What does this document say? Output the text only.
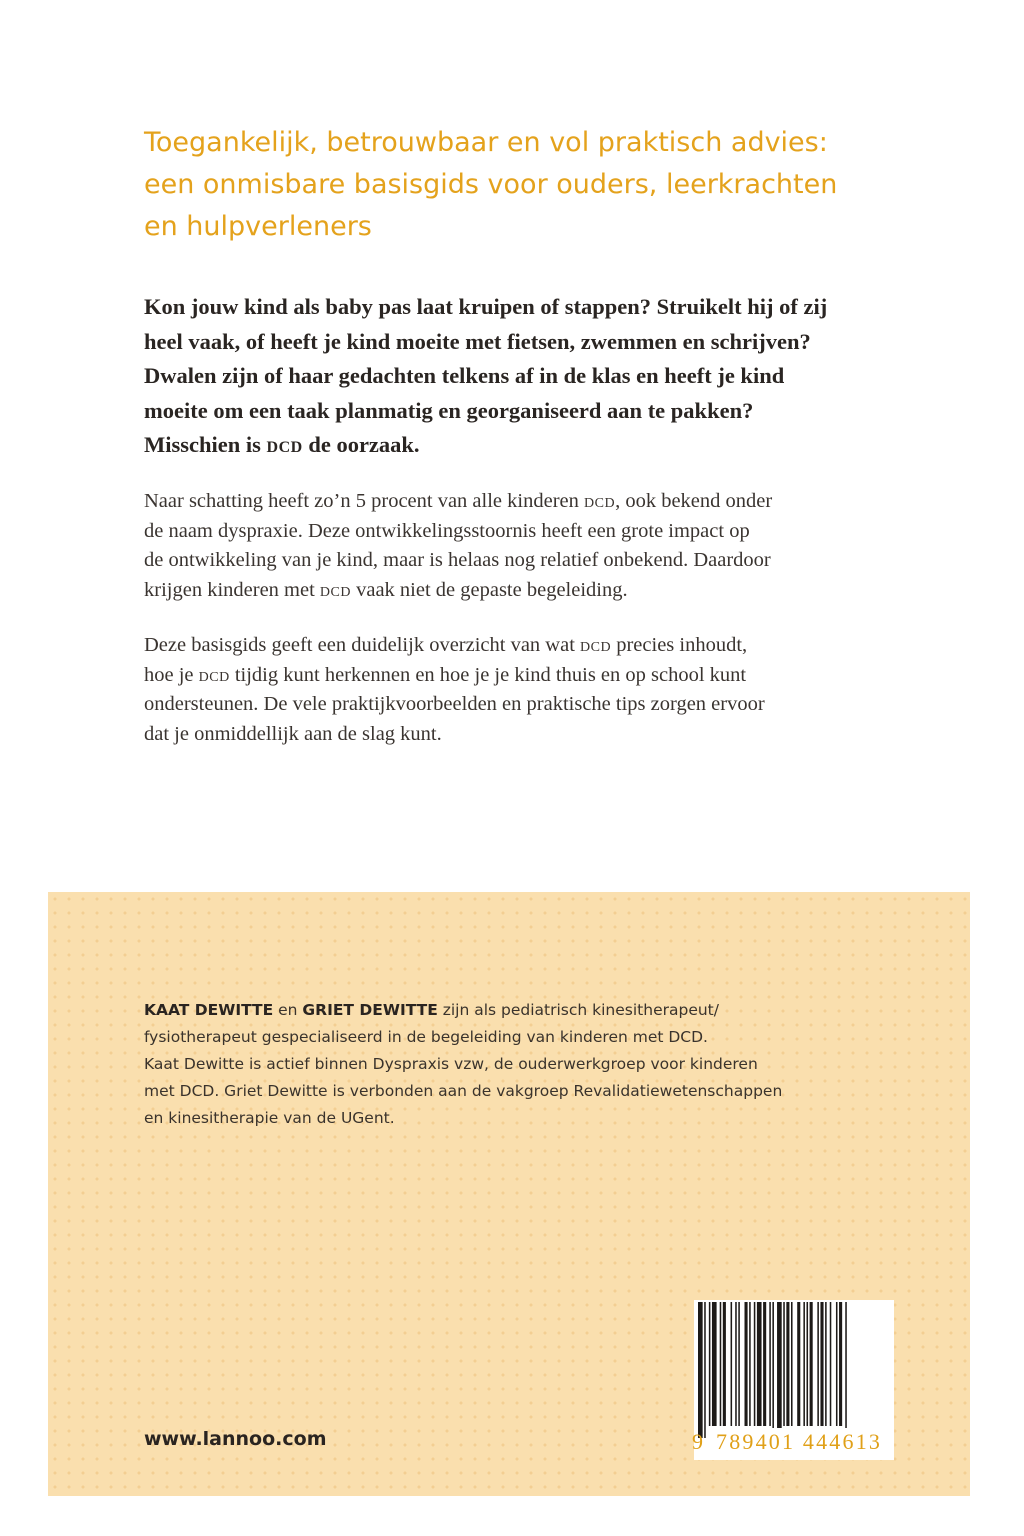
Toegankelijk, betrouwbaar en vol praktisch advies:
een onmisbare basisgids voor ouders, leerkrachten
en hulpverleners

Kon jouw kind als baby pas laat kruipen of stappen? Struikelt hij of zij
heel vaak, of heeft je kind moeite met fietsen, zwemmen en schrijven?
Dwalen zijn of haar gedachten telkens af in de klas en heeft je kind
moeite om een taak planmatig en georganiseerd aan te pakken?
Misschien is dcd de oorzaak.

Naar schatting heeft zo’n 5 procent van alle kinderen dcd, ook bekend onder
de naam dyspraxie. Deze ontwikkelingsstoornis heeft een grote impact op
de ontwikkeling van je kind, maar is helaas nog relatief onbekend. Daardoor
krijgen kinderen met dcd vaak niet de gepaste begeleiding.

Deze basisgids geeft een duidelijk overzicht van wat dcd precies inhoudt,
hoe je dcd tijdig kunt herkennen en hoe je je kind thuis en op school kunt
ondersteunen. De vele praktijkvoorbeelden en praktische tips zorgen ervoor
dat je onmiddellijk aan de slag kunt.

KAAT DEWITTE en GRIET DEWITTE zijn als pediatrisch kinesitherapeut/
fysiotherapeut gespecialiseerd in de begeleiding van kinderen met DCD.
Kaat Dewitte is actief binnen Dyspraxis vzw, de ouderwerkgroep voor kinderen
met DCD. Griet Dewitte is verbonden aan de vakgroep Revalidatiewetenschappen
en kinesitherapie van de UGent.

www.lannoo.com	9 789401 444613
